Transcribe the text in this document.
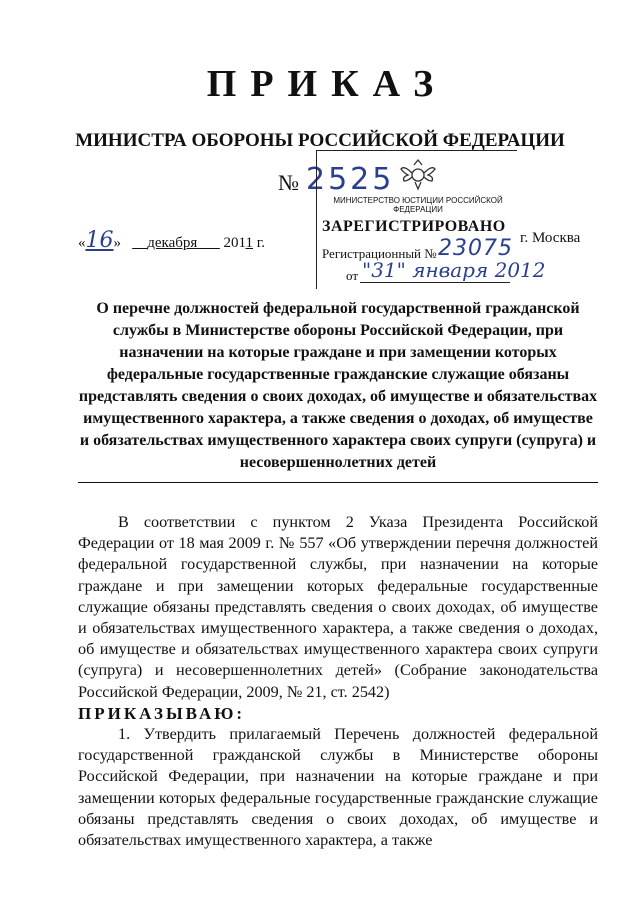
ПРИКАЗ
МИНИСТРА ОБОРОНЫ РОССИЙСКОЙ ФЕДЕРАЦИИ
№ 2525
МИНИСТЕРСТВО ЮСТИЦИИ РОССИЙСКОЙ ФЕДЕРАЦИИ
ЗАРЕГИСТРИРОВАНО
Регистрационный № 23075
от "31" января 2012
«16» декабря 2011 г.	г. Москва
О перечне должностей федеральной государственной гражданской службы в Министерстве обороны Российской Федерации, при назначении на которые граждане и при замещении которых федеральные государственные гражданские служащие обязаны представлять сведения о своих доходах, об имуществе и обязательствах имущественного характера, а также сведения о доходах, об имуществе и обязательствах имущественного характера своих супруги (супруга) и несовершеннолетних детей

В соответствии с пунктом 2 Указа Президента Российской Федерации от 18 мая 2009 г. № 557 «Об утверждении перечня должностей федеральной государственной службы, при назначении на которые граждане и при замещении которых федеральные государственные служащие обязаны представлять сведения о своих доходах, об имуществе и обязательствах имущественного характера, а также сведения о доходах, об имуществе и обязательствах имущественного характера своих супруги (супруга) и несовершеннолетних детей» (Собрание законодательства Российской Федерации, 2009, № 21, ст. 2542)

ПРИКАЗЫВАЮ:

1. Утвердить прилагаемый Перечень должностей федеральной государственной гражданской службы в Министерстве обороны Российской Федерации, при назначении на которые граждане и при замещении которых федеральные государственные гражданские служащие обязаны представлять сведения о своих доходах, об имуществе и обязательствах имущественного характера, а также
